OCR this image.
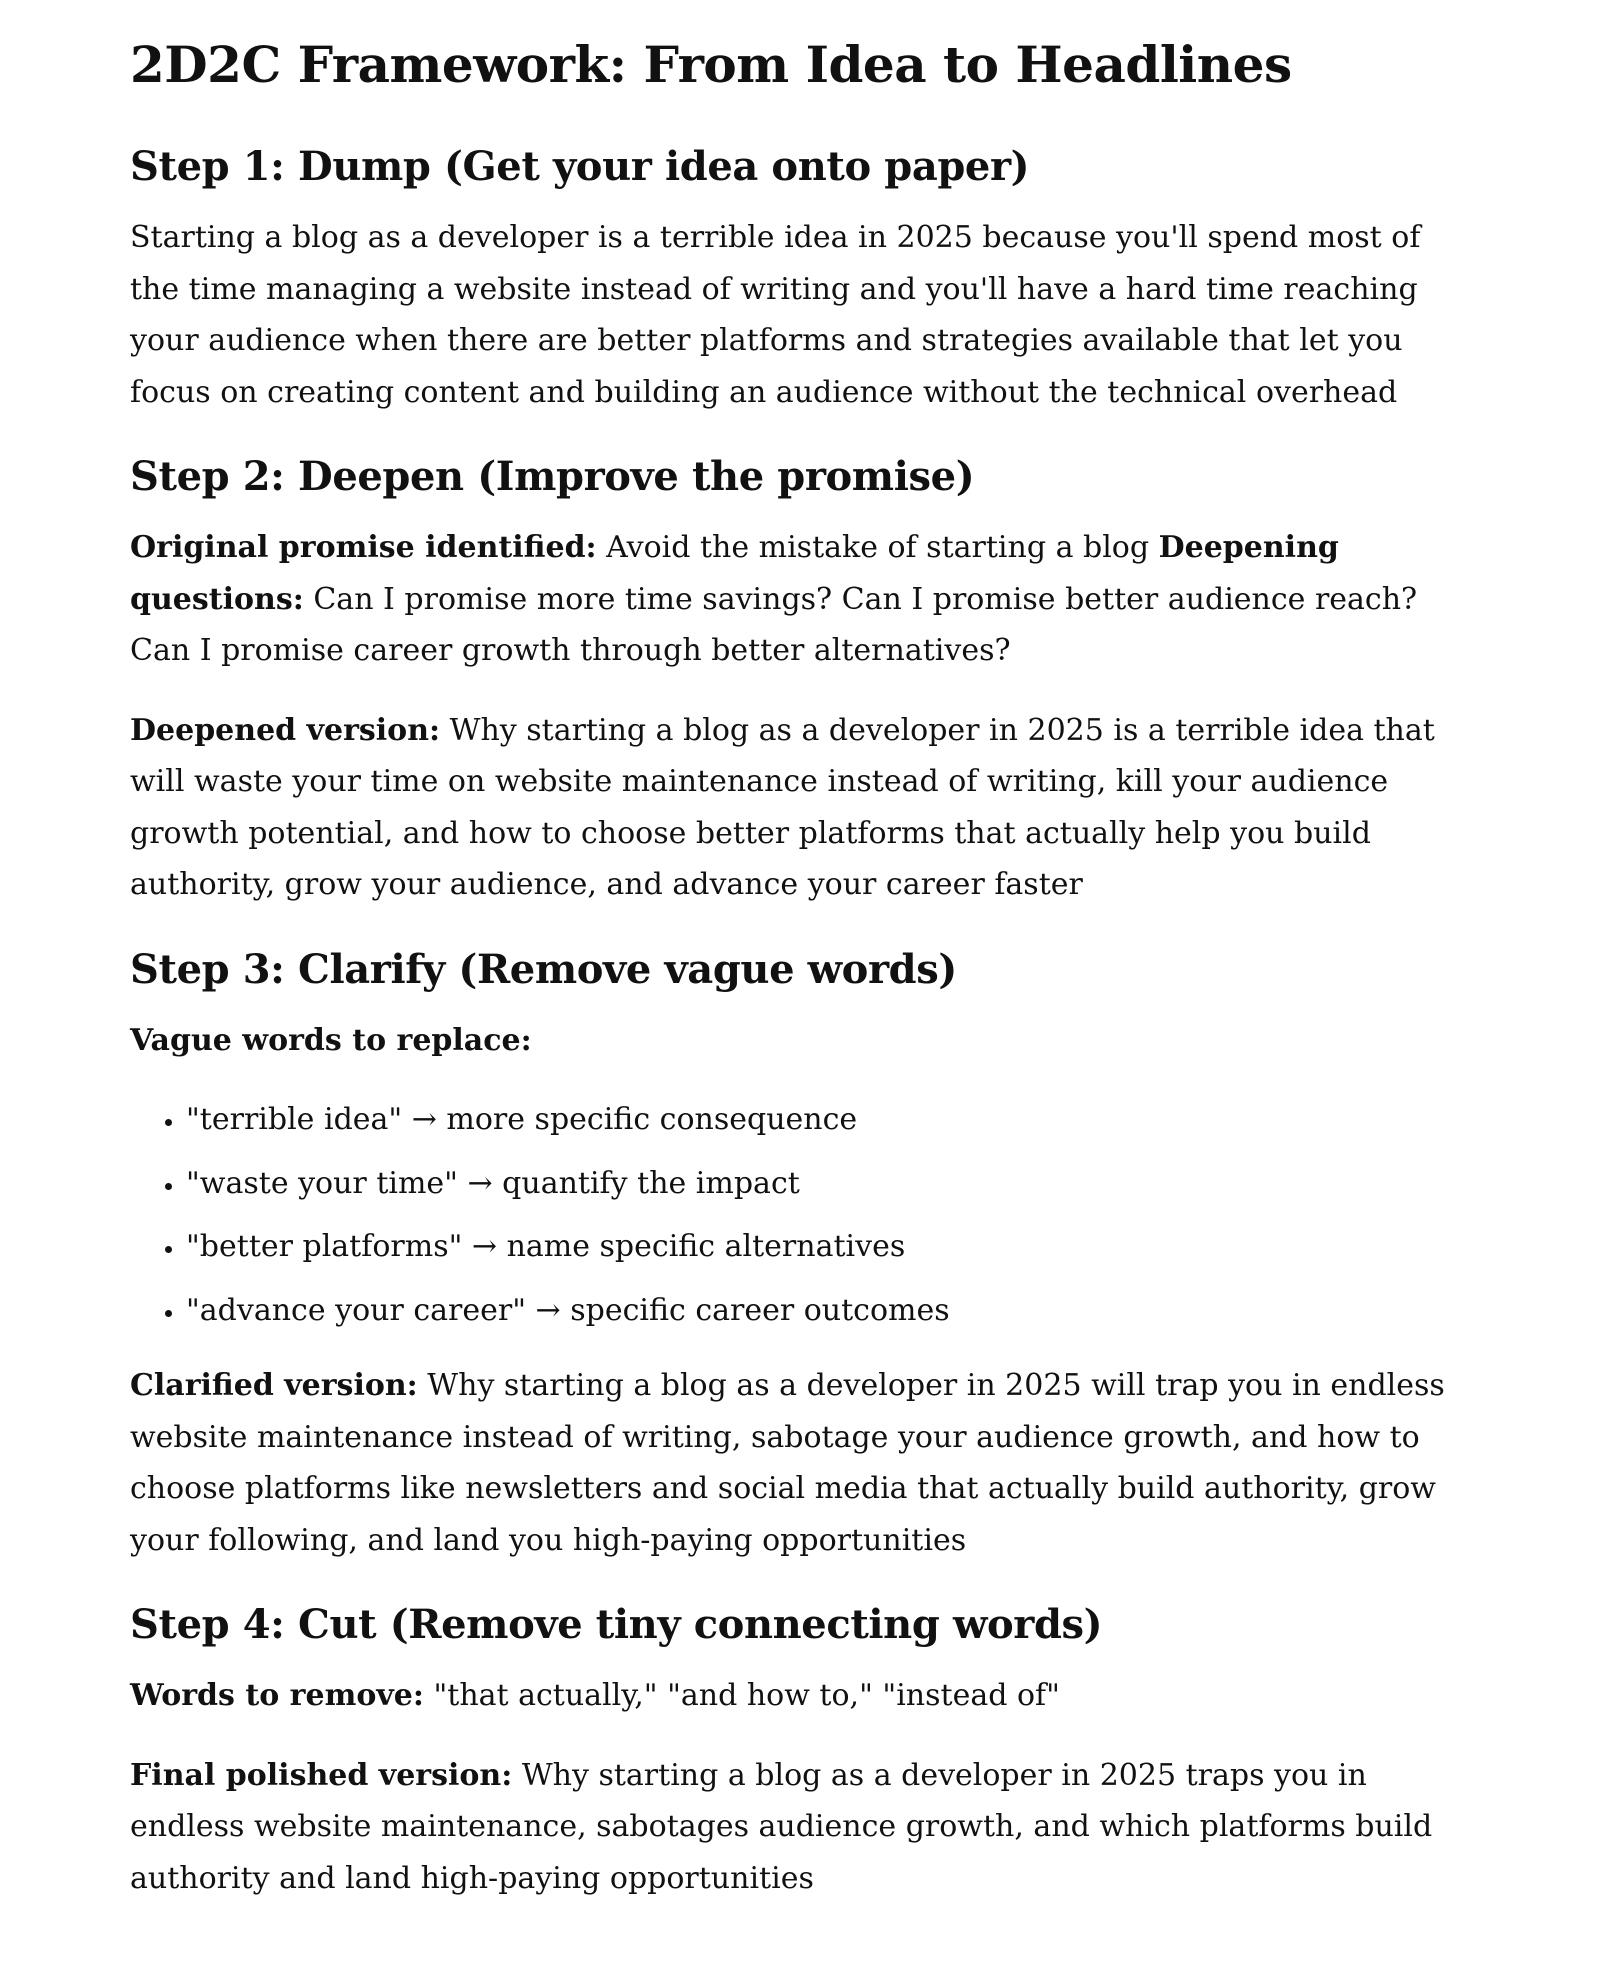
2D2C Framework: From Idea to Headlines
Step 1: Dump (Get your idea onto paper)

Starting a blog as a developer is a terrible idea in 2025 because you'll spend most of the time managing a website instead of writing and you'll have a hard time reaching your audience when there are better platforms and strategies available that let you focus on creating content and building an audience without the technical overhead

Step 2: Deepen (Improve the promise)

Original promise identified: Avoid the mistake of starting a blog Deepening questions: Can I promise more time savings? Can I promise better audience reach? Can I promise career growth through better alternatives?

Deepened version: Why starting a blog as a developer in 2025 is a terrible idea that will waste your time on website maintenance instead of writing, kill your audience growth potential, and how to choose better platforms that actually help you build authority, grow your audience, and advance your career faster

Step 3: Clarify (Remove vague words)

Vague words to replace:

• "terrible idea" → more specific consequence
• "waste your time" → quantify the impact
• "better platforms" → name specific alternatives
• "advance your career" → specific career outcomes

Clarified version: Why starting a blog as a developer in 2025 will trap you in endless website maintenance instead of writing, sabotage your audience growth, and how to choose platforms like newsletters and social media that actually build authority, grow your following, and land you high-paying opportunities

Step 4: Cut (Remove tiny connecting words)

Words to remove: "that actually," "and how to," "instead of"

Final polished version: Why starting a blog as a developer in 2025 traps you in endless website maintenance, sabotages audience growth, and which platforms build authority and land high-paying opportunities
